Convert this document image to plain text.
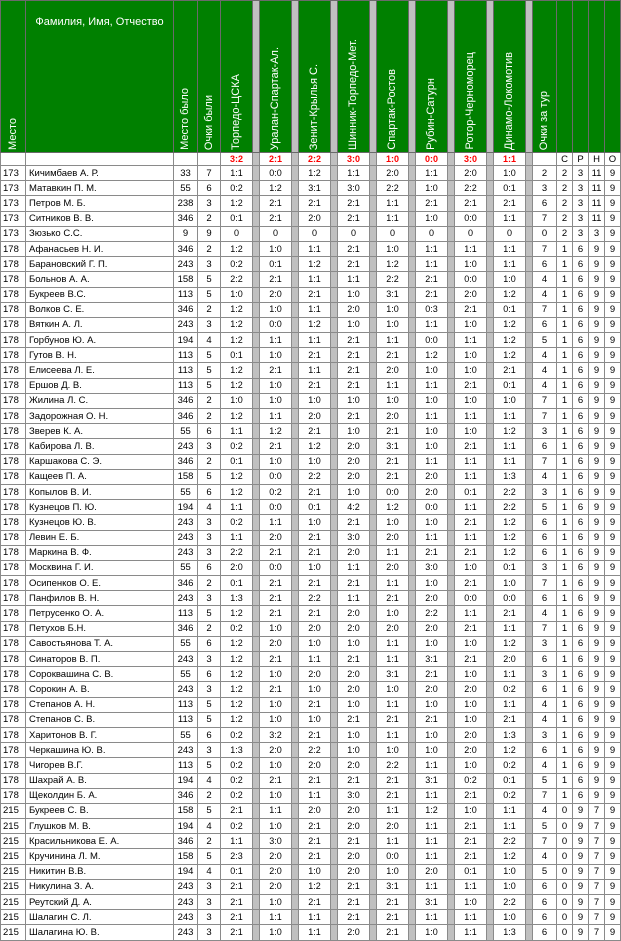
Место	Фамилия, Имя, Отчество	Место было	Очки были	Торпедо-ЦСКА		Уралан-Спартак-Ал.		Зенит-Крылья С.		Шинник-Торпедо-Мет.		Спартак-Ростов		Рубин-Сатурн		Ротор-Черноморец		Динамо-Локомотив		Очки за тур				

				3:2		2:1		2:2		3:0		1:0		0:0		3:0		1:1			С	Р	Н	О
173	Кичимбаев А. Р.	33	7	1:1		0:0		1:2		1:1		2:0		1:1		2:0		1:0		2	2	3	11	9
173	Матавкин П. М.	55	6	0:2		1:2		3:1		3:0		2:2		1:0		2:2		0:1		3	2	3	11	9
173	Петров М. Б.	238	3	1:2		2:1		2:1		2:1		1:1		2:1		2:1		2:1		6	2	3	11	9
173	Ситников В. В.	346	2	0:1		2:1		2:0		2:1		1:1		1:0		0:0		1:1		7	2	3	11	9
173	Зюзько С.С.	9	9	0		0		0		0		0		0		0		0		0	2	3	3	9
178	Афанасьев Н. И.	346	2	1:2		1:0		1:1		2:1		1:0		1:1		1:1		1:1		7	1	6	9	9
178	Барановский Г. П.	243	3	0:2		0:1		1:2		2:1		1:2		1:1		1:0		1:1		6	1	6	9	9
178	Больнов А. А.	158	5	2:2		2:1		1:1		1:1		2:2		2:1		0:0		1:0		4	1	6	9	9
178	Букреев В.С.	113	5	1:0		2:0		2:1		1:0		3:1		2:1		2:0		1:2		4	1	6	9	9
178	Волков С. Е.	346	2	1:2		1:0		1:1		2:0		1:0		0:3		2:1		0:1		7	1	6	9	9
178	Вяткин А. Л.	243	3	1:2		0:0		1:2		1:0		1:0		1:1		1:0		1:2		6	1	6	9	9
178	Горбунов Ю. А.	194	4	1:2		1:1		1:1		2:1		1:1		0:0		1:1		1:2		5	1	6	9	9
178	Гутов В. Н.	113	5	0:1		1:0		2:1		2:1		2:1		1:2		1:0		1:2		4	1	6	9	9
178	Елисеева Л. Е.	113	5	1:2		2:1		1:1		2:1		2:0		1:0		1:0		2:1		4	1	6	9	9
178	Ершов Д. В.	113	5	1:2		1:0		2:1		2:1		1:1		1:1		2:1		0:1		4	1	6	9	9
178	Жилина Л. С.	346	2	1:0		1:0		1:0		1:0		1:0		1:0		1:0		1:0		7	1	6	9	9
178	Задорожная О. Н.	346	2	1:2		1:1		2:0		2:1		2:0		1:1		1:1		1:1		7	1	6	9	9
178	Зверев К. А.	55	6	1:1		1:2		2:1		1:0		2:1		1:0		1:0		1:2		3	1	6	9	9
178	Кабирова Л. В.	243	3	0:2		2:1		1:2		2:0		3:1		1:0		2:1		1:1		6	1	6	9	9
178	Каршакова С. Э.	346	2	0:1		1:0		1:0		2:0		2:1		1:1		1:1		1:1		7	1	6	9	9
178	Кащеев П. А.	158	5	1:2		0:0		2:2		2:0		2:1		2:0		1:1		1:3		4	1	6	9	9
178	Копылов В. И.	55	6	1:2		0:2		2:1		1:0		0:0		2:0		0:1		2:2		3	1	6	9	9
178	Кузнецов П. Ю.	194	4	1:1		0:0		0:1		4:2		1:2		0:0		1:1		2:2		5	1	6	9	9
178	Кузнецов Ю. В.	243	3	0:2		1:1		1:0		2:1		1:0		1:0		2:1		1:2		6	1	6	9	9
178	Левин Е. Б.	243	3	1:1		2:0		2:1		3:0		2:0		1:1		1:1		1:2		6	1	6	9	9
178	Маркина В. Ф.	243	3	2:2		2:1		2:1		2:0		1:1		2:1		2:1		1:2		6	1	6	9	9
178	Москвина Г. И.	55	6	2:0		0:0		1:0		1:1		2:0		3:0		1:0		0:1		3	1	6	9	9
178	Осипенков О. Е.	346	2	0:1		2:1		2:1		2:1		1:1		1:0		2:1		1:0		7	1	6	9	9
178	Панфилов В. Н.	243	3	1:3		2:1		2:2		1:1		2:1		2:0		0:0		0:0		6	1	6	9	9
178	Петрусенко О. А.	113	5	1:2		2:1		2:1		2:0		1:0		2:2		1:1		2:1		4	1	6	9	9
178	Петухов Б.Н.	346	2	0:2		1:0		2:0		2:0		2:0		2:0		2:1		1:1		7	1	6	9	9
178	Савостьянова Т. А.	55	6	1:2		2:0		1:0		1:0		1:1		1:0		1:0		1:2		3	1	6	9	9
178	Синаторов В. П.	243	3	1:2		2:1		1:1		2:1		1:1		3:1		2:1		2:0		6	1	6	9	9
178	Сороквашина С. В.	55	6	1:2		1:0		2:0		2:0		3:1		2:1		1:0		1:1		3	1	6	9	9
178	Сорокин А. В.	243	3	1:2		2:1		1:0		2:0		1:0		2:0		2:0		0:2		6	1	6	9	9
178	Степанов А. Н.	113	5	1:2		1:0		2:1		1:0		1:1		1:0		1:0		1:1		4	1	6	9	9
178	Степанов С. В.	113	5	1:2		1:0		1:0		2:1		2:1		2:1		1:0		2:1		4	1	6	9	9
178	Харитонов В. Г.	55	6	0:2		3:2		2:1		1:0		1:1		1:0		2:0		1:3		3	1	6	9	9
178	Черкашина Ю. В.	243	3	1:3		2:0		2:2		1:0		1:0		1:0		2:0		1:2		6	1	6	9	9
178	Чигорев В.Г.	113	5	0:2		1:0		2:0		2:0		2:2		1:1		1:0		0:2		4	1	6	9	9
178	Шахрай А. В.	194	4	0:2		2:1		2:1		2:1		2:1		3:1		0:2		0:1		5	1	6	9	9
178	Щеколдин Б. А.	346	2	0:2		1:0		1:1		3:0		2:1		1:1		2:1		0:2		7	1	6	9	9
215	Букреев С. В.	158	5	2:1		1:1		2:0		2:0		1:1		1:2		1:0		1:1		4	0	9	7	9
215	Глушков М. В.	194	4	0:2		1:0		2:1		2:0		2:0		1:1		2:1		1:1		5	0	9	7	9
215	Красильникова Е. А.	346	2	1:1		3:0		2:1		2:1		1:1		1:1		2:1		2:2		7	0	9	7	9
215	Кручинина Л. М.	158	5	2:3		2:0		2:1		2:0		0:0		1:1		2:1		1:2		4	0	9	7	9
215	Никитин В.В.	194	4	0:1		2:0		1:0		2:0		1:0		2:0		0:1		1:0		5	0	9	7	9
215	Никулина З. А.	243	3	2:1		2:0		1:2		2:1		3:1		1:1		1:1		1:0		6	0	9	7	9
215	Реутский Д. А.	243	3	2:1		1:0		2:1		2:1		2:1		3:1		1:0		2:2		6	0	9	7	9
215	Шалагин С. Л.	243	3	2:1		1:1		1:1		2:1		2:1		1:1		1:1		1:0		6	0	9	7	9
215	Шалагина Ю. В.	243	3	2:1		1:0		1:1		2:0		2:1		1:0		1:1		1:3		6	0	9	7	9
